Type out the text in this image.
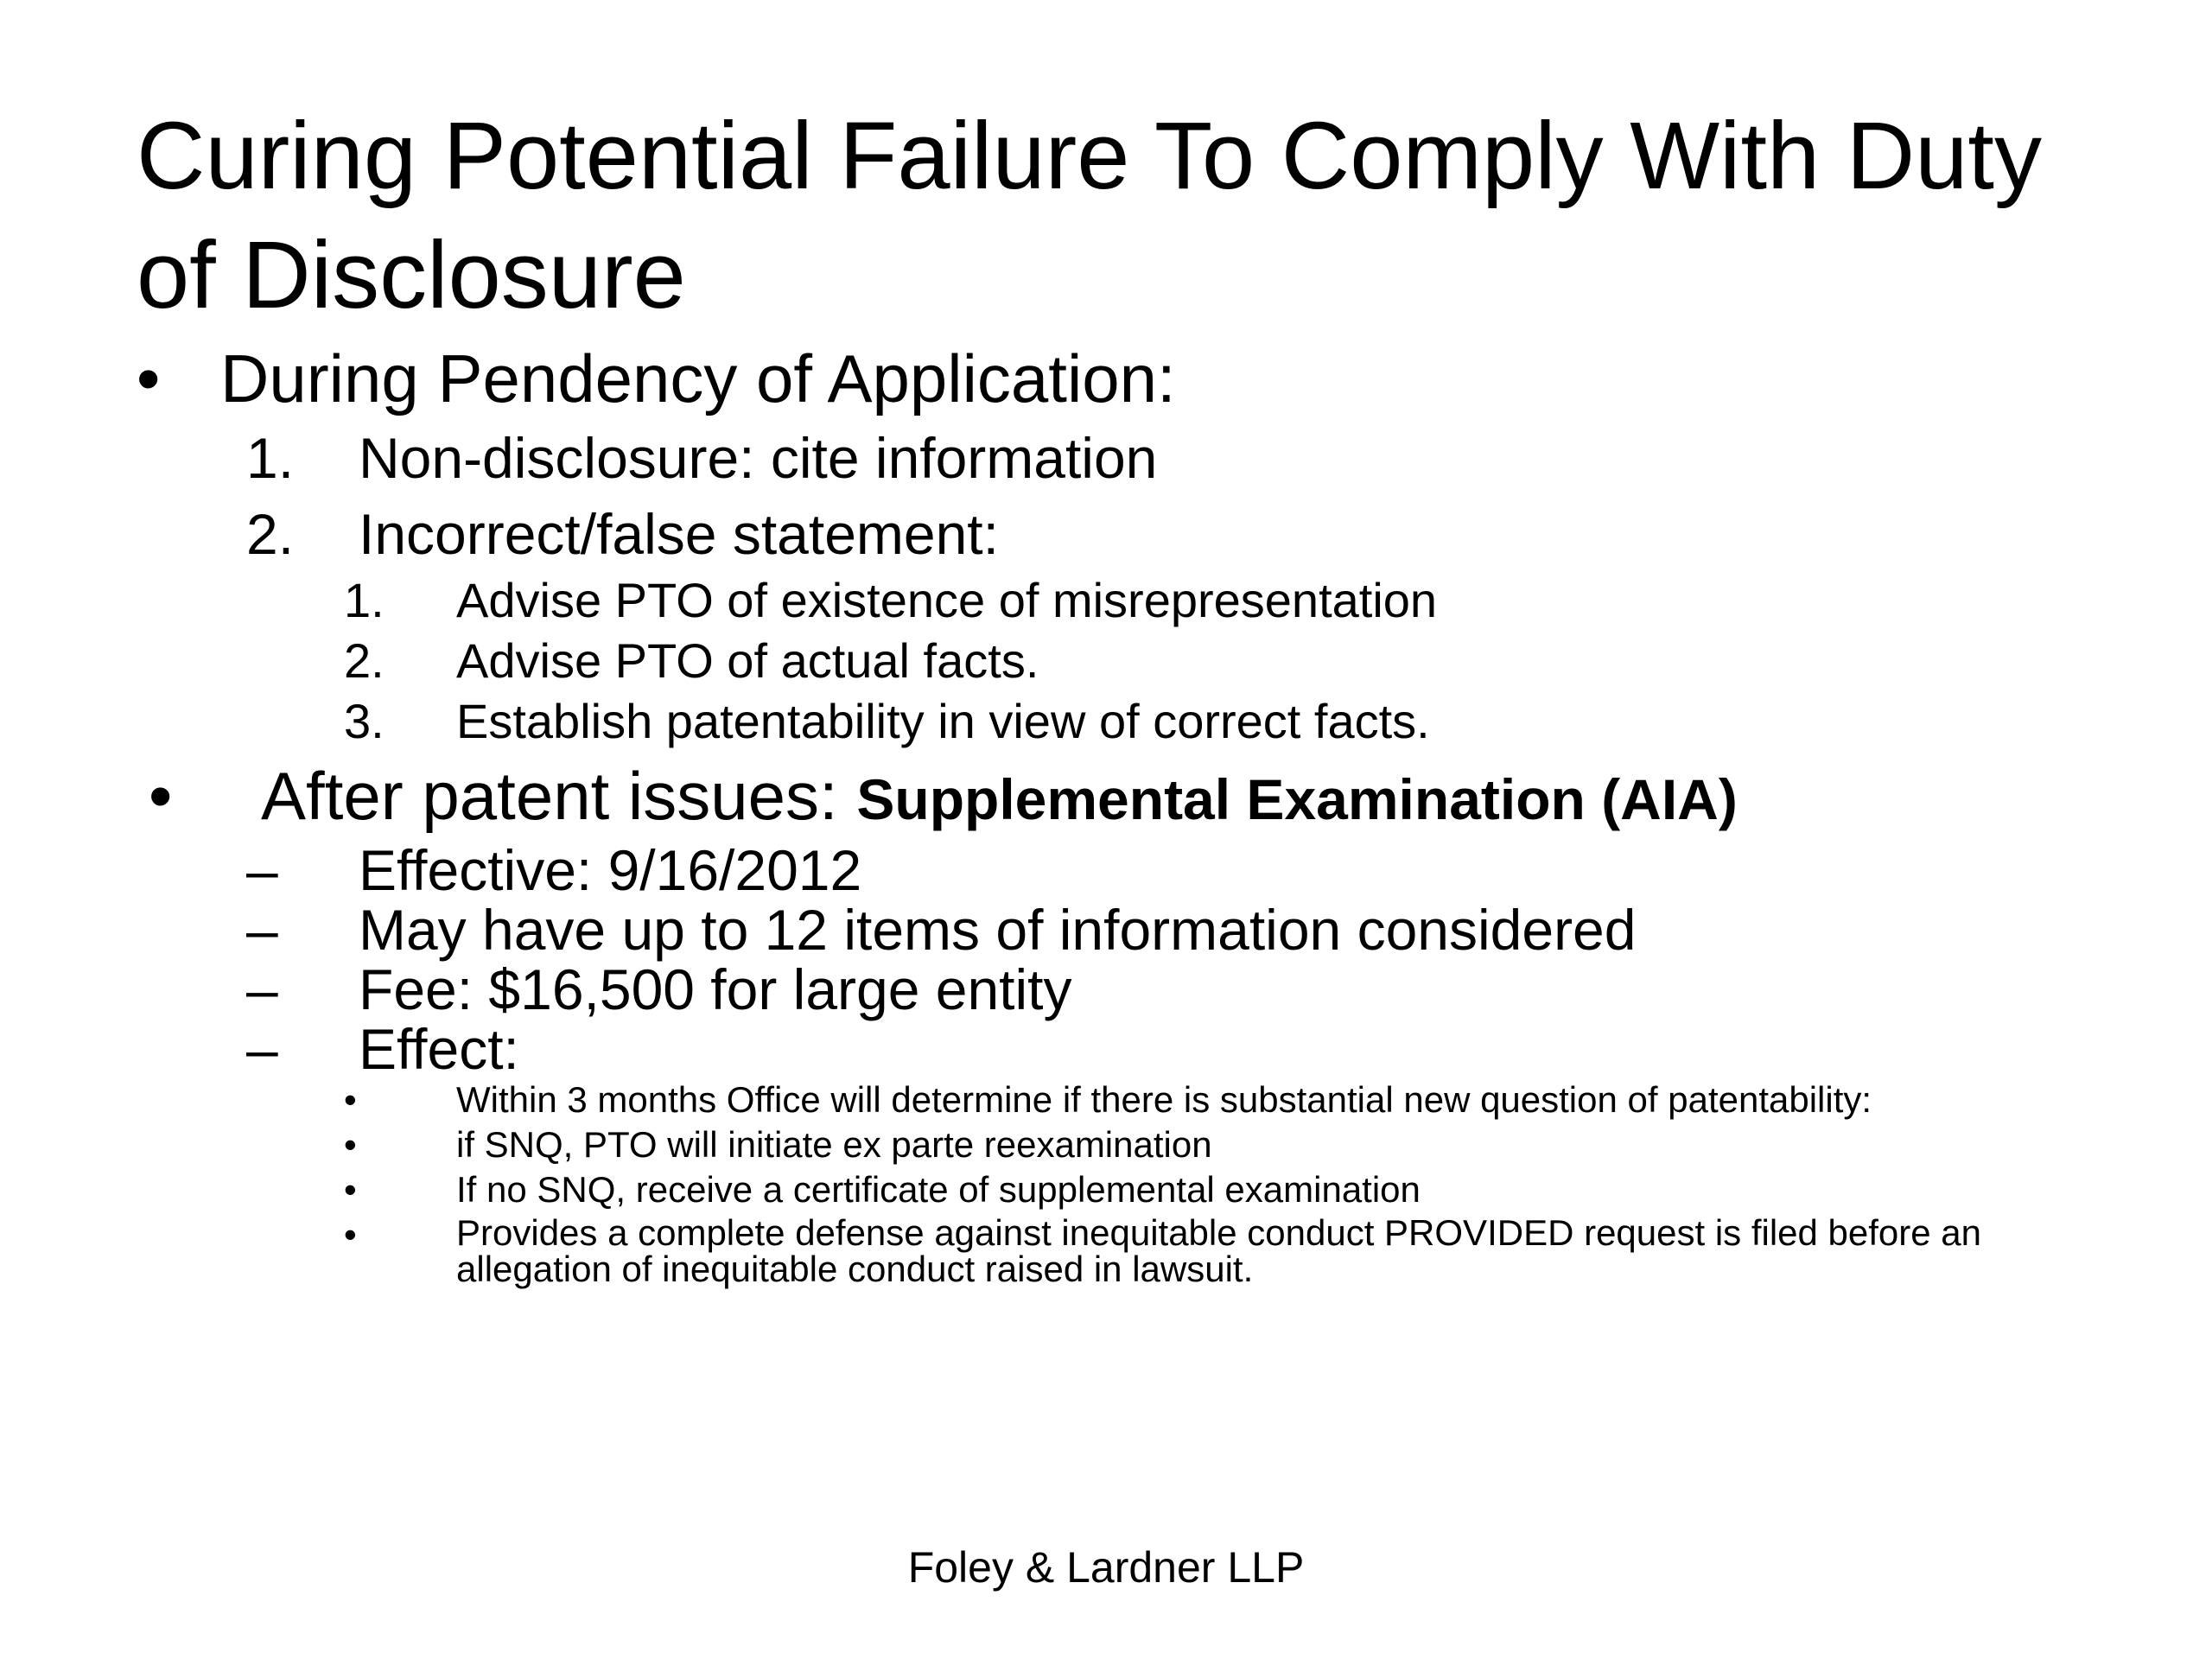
Curing Potential Failure To Comply With Duty of Disclosure
• During Pendency of Application:
1. Non-disclosure: cite information
2. Incorrect/false statement:
1. Advise PTO of existence of misrepresentation
2. Advise PTO of actual facts.
3. Establish patentability in view of correct facts.
• After patent issues: Supplemental Examination (AIA)
– Effective: 9/16/2012
– May have up to 12 items of information considered
– Fee: $16,500 for large entity
– Effect:
•	Within 3 months Office will determine if there is substantial new question of patentability:
•	if SNQ, PTO will initiate ex parte reexamination
•	If no SNQ, receive a certificate of supplemental examination
•	Provides a complete defense against inequitable conduct PROVIDED request is filed before an allegation of inequitable conduct raised in lawsuit.
Foley & Lardner LLP
